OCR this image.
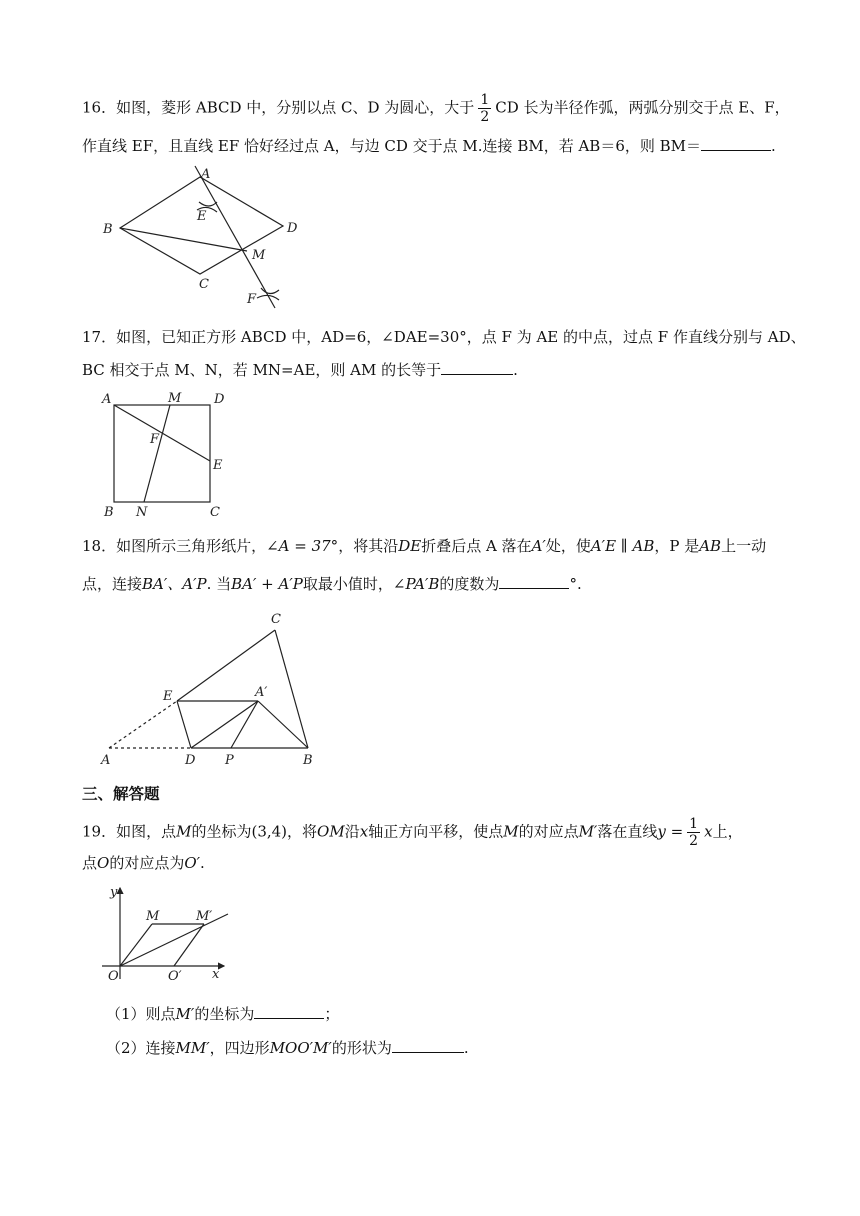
16．如图，菱形 ABCD 中，分别以点 C、D 为圆心，大于 $\frac{1}{2}$ CD 长为半径作弧，两弧分别交于点 E、F，
作直线 EF，且直线 EF 恰好经过点 A，与边 CD 交于点 M.连接 BM，若 AB＝6，则 BM＝	.
A
B
E
D
M
C
F
17．如图，已知正方形 ABCD 中，AD=6，∠DAE=30°，点 F 为 AE 的中点，过点 F 作直线分别与 AD、
BC 相交于点 M、N，若 MN=AE，则 AM 的长等于	.
A	M	D
F
E
B N	C
18．如图所示三角形纸片，∠A = 37°，将其沿DE折叠后点 A 落在A′处，使A′E ∥ AB，P 是AB上一动
点，连接BA′、A′P. 当BA′ + A′P取最小值时，∠PA′B的度数为	°.
C
E	A′
A	D P	B
三、解答题
19．如图，点M的坐标为(3,4)，将OM沿x轴正方向平移，使点M的对应点M′落在直线$y = \frac{1}{2}$ x上，
点O的对应点为O′.
y
x
O	O′
M	M′
（1）则点M′的坐标为	；
（2）连接MM′，四边形MOO′M′的形状为	.
